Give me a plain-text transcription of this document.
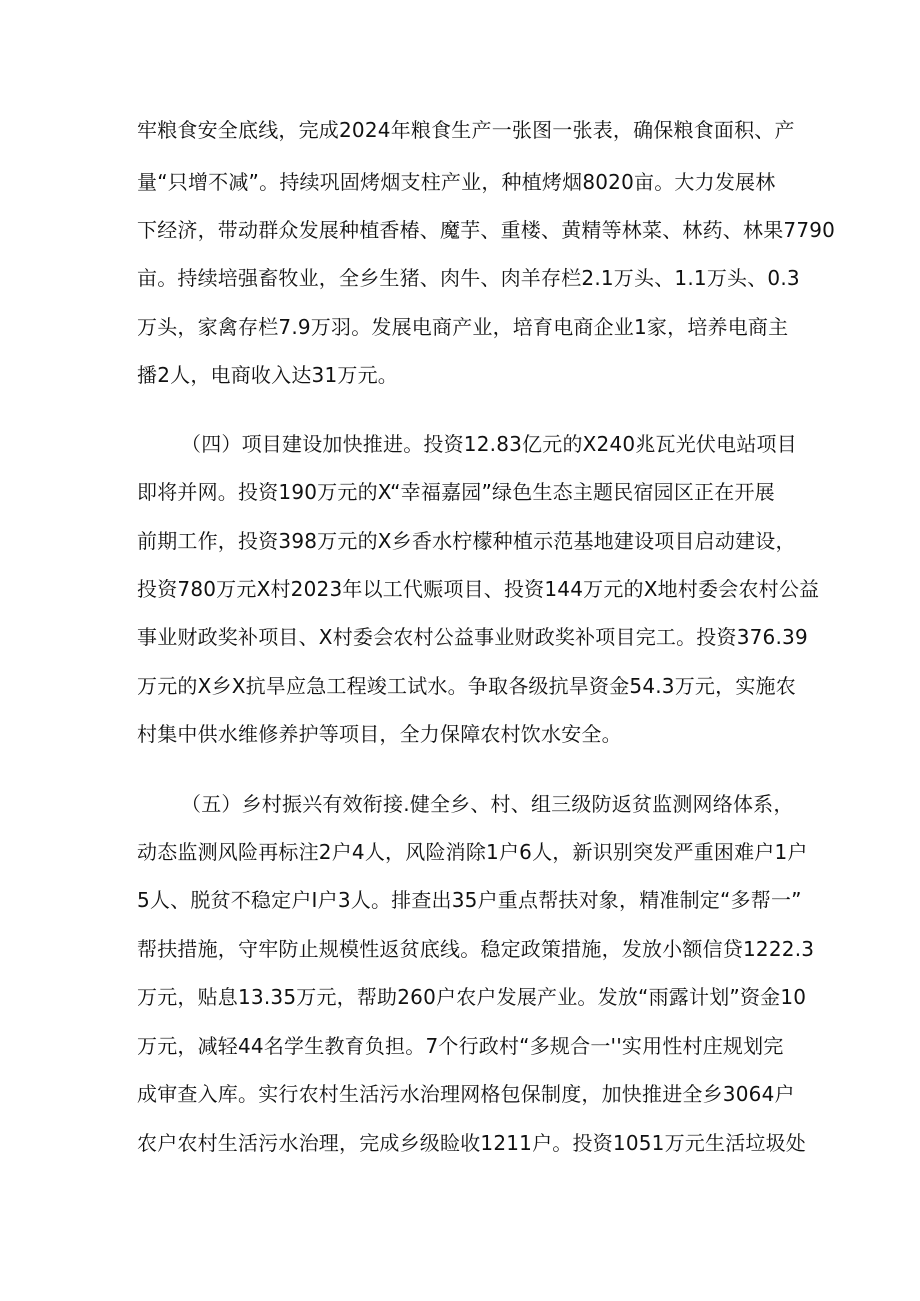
牢粮食安全底线，完成2024年粮食生产一张图一张表，确保粮食面积、产
量“只增不减”。持续巩固烤烟支柱产业，种植烤烟8020亩。大力发展林
下经济，带动群众发展种植香椿、魔芋、重楼、黄精等林菜、林药、林果7790
亩。持续培强畜牧业，全乡生猪、肉牛、肉羊存栏2.1万头、1.1万头、0.3
万头，家禽存栏7.9万羽。发展电商产业，培育电商企业1家，培养电商主
播2人，电商收入达31万元。
（四）项目建设加快推进。投资12.83亿元的X240兆瓦光伏电站项目
即将并网。投资190万元的X“幸福嘉园”绿色生态主题民宿园区正在开展
前期工作，投资398万元的X乡香水柠檬种植示范基地建设项目启动建设，
投资780万元X村2023年以工代赈项目、投资144万元的X地村委会农村公益
事业财政奖补项目、X村委会农村公益事业财政奖补项目完工。投资376.39
万元的X乡X抗旱应急工程竣工试水。争取各级抗旱资金54.3万元，实施农
村集中供水维修养护等项目，全力保障农村饮水安全。
（五）乡村振兴有效衔接.健全乡、村、组三级防返贫监测网络体系，
动态监测风险再标注2户4人，风险消除1户6人，新识别突发严重困难户1户
5人、脱贫不稳定户I户3人。排查出35户重点帮扶对象，精准制定“多帮一”
帮扶措施，守牢防止规模性返贫底线。稳定政策措施，发放小额信贷1222.3
万元，贴息13.35万元，帮助260户农户发展产业。发放“雨露计划”资金10
万元，减轻44名学生教育负担。7个行政村“多规合一''实用性村庄规划完
成审查入库。实行农村生活污水治理网格包保制度，加快推进全乡3064户
农户农村生活污水治理，完成乡级睑收1211户。投资1051万元生活垃圾处
